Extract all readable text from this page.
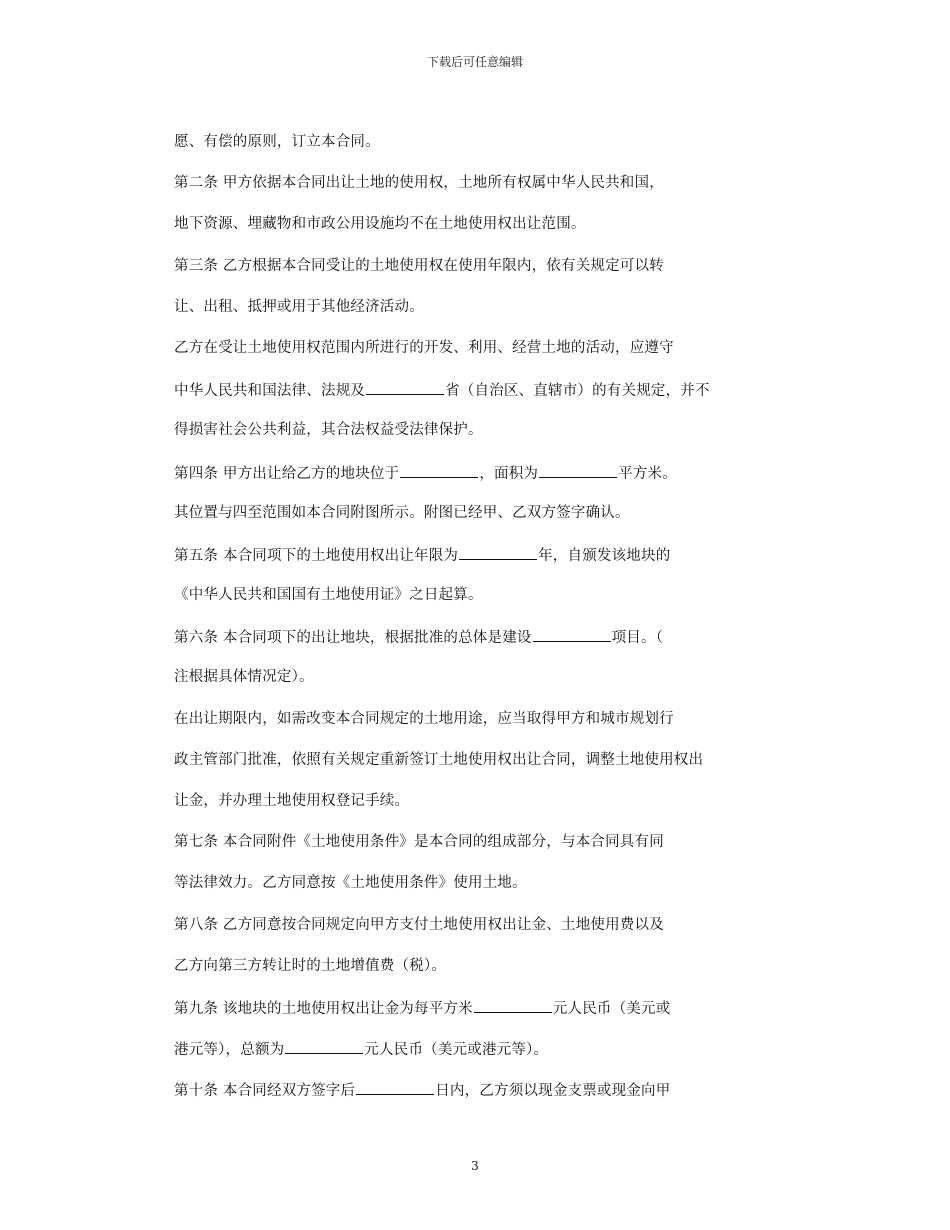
下载后可任意编辑
愿、有偿的原则，订立本合同。
第二条 甲方依据本合同出让土地的使用权，土地所有权属中华人民共和国，
地下资源、埋藏物和市政公用设施均不在土地使用权出让范围。
第三条 乙方根据本合同受让的土地使用权在使用年限内，依有关规定可以转
让、出租、抵押或用于其他经济活动。
乙方在受让土地使用权范围内所进行的开发、利用、经营土地的活动，应遵守
中华人民共和国法律、法规及	省（自治区、直辖市）的有关规定，并不
得损害社会公共利益，其合法权益受法律保护。
第四条 甲方出让给乙方的地块位于	，面积为	平方米。
其位置与四至范围如本合同附图所示。附图已经甲、乙双方签字确认。
第五条 本合同项下的土地使用权出让年限为	年，自颁发该地块的
《中华人民共和国国有土地使用证》之日起算。
第六条 本合同项下的出让地块，根据批准的总体是建设	项目。（
注根据具体情况定）。
在出让期限内，如需改变本合同规定的土地用途，应当取得甲方和城市规划行
政主管部门批准，依照有关规定重新签订土地使用权出让合同，调整土地使用权出
让金，并办理土地使用权登记手续。
第七条 本合同附件《土地使用条件》是本合同的组成部分，与本合同具有同
等法律效力。乙方同意按《土地使用条件》使用土地。
第八条 乙方同意按合同规定向甲方支付土地使用权出让金、土地使用费以及
乙方向第三方转让时的土地增值费（税）。
第九条 该地块的土地使用权出让金为每平方米	元人民币（美元或
港元等），总额为	元人民币（美元或港元等）。
第十条 本合同经双方签字后	日内，乙方须以现金支票或现金向甲
3
